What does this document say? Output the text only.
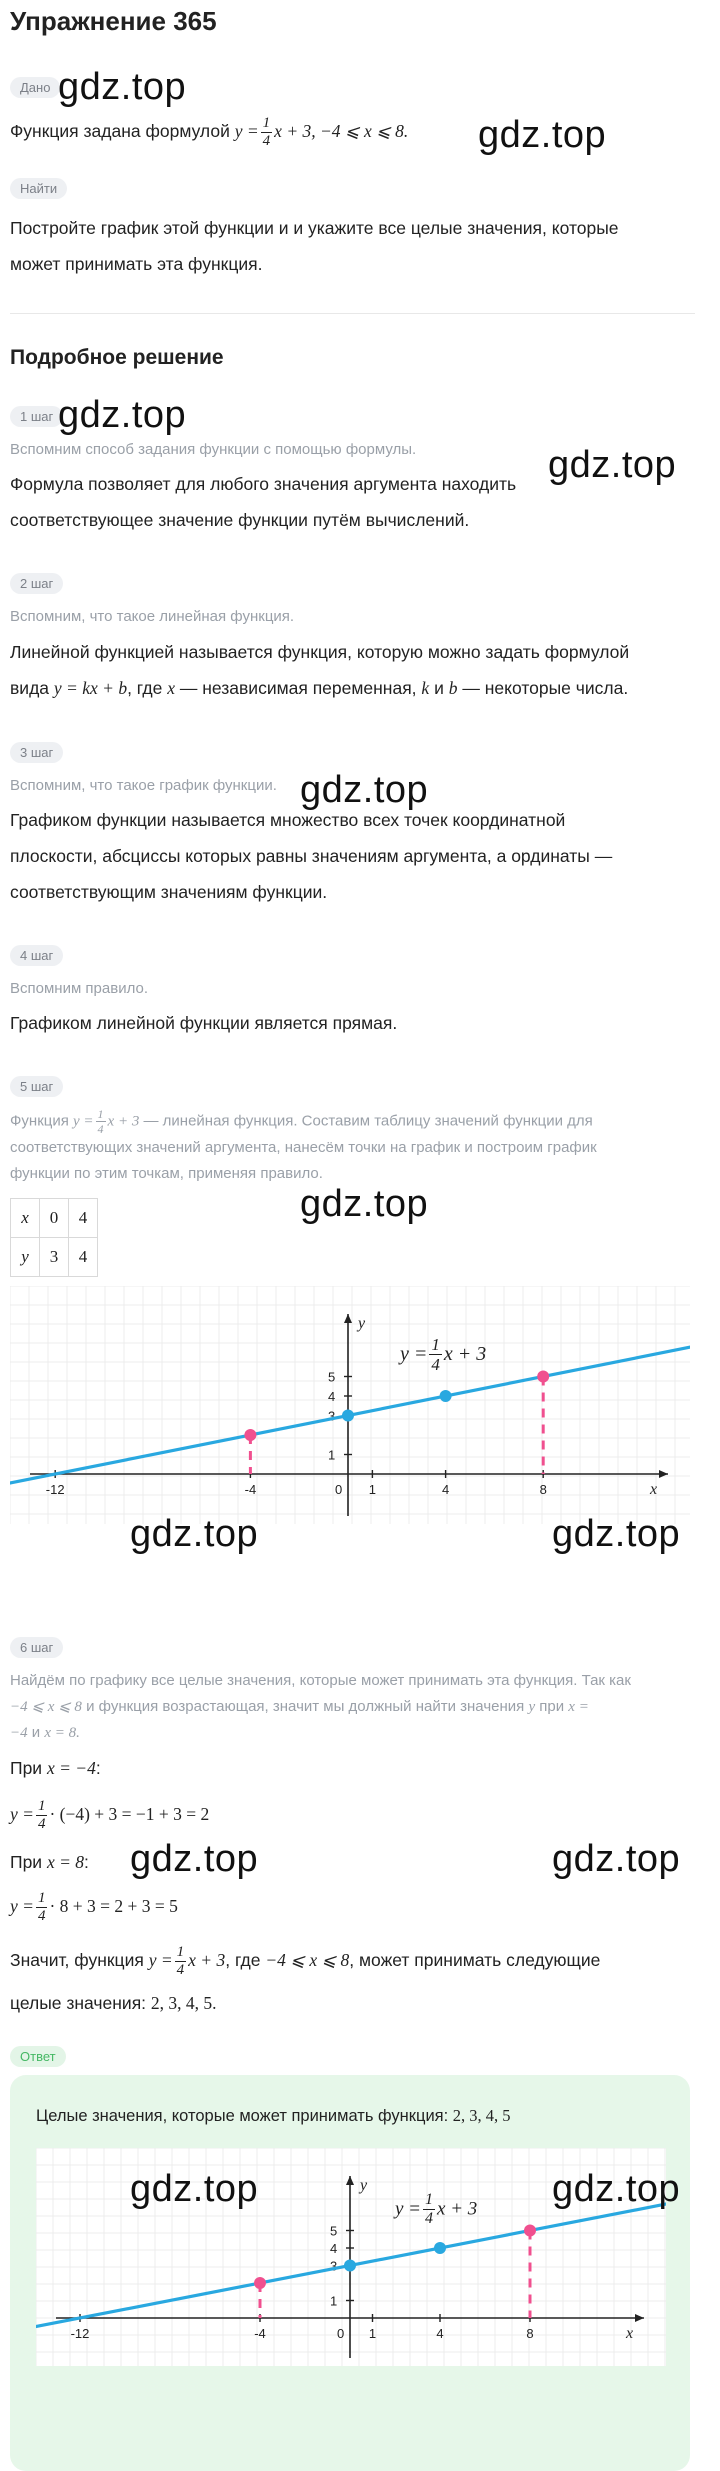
Упражнение 365
Дано
Функция задана формулой $y = \frac{1}{4}$ x + 3, −4 ⩽ x ⩽ 8.
Найти
Постройте график этой функции и и укажите все целые значения, которые
может принимать эта функция.
Подробное решение
1 шаг
Вспомним способ задания функции с помощью формулы.
Формула позволяет для любого значения аргумента находить
соответствующее значение функции путём вычислений.
2 шаг
Вспомним, что такое линейная функция.
Линейной функцией называется функция, которую можно задать формулой
вида y = kx + b, где x — независимая переменная, k и b — некоторые числа.
3 шаг
Вспомним, что такое график функции.
Графиком функции называется множество всех точек координатной
плоскости, абсциссы которых равны значениям аргумента, а ординаты —
соответствующим значениям функции.
4 шаг
Вспомним правило.
Графиком линейной функции является прямая.
5 шаг
Функция $y = \frac{1}{4}$ x + 3 — линейная функция. Составим таблицу значений функции для
соответствующих значений аргумента, нанесём точки на график и построим график
функции по этим точкам, применяя правило.
x	0	4
y	3	4
x
y
0
-12	-4	1	4	8
1
3
4
5
$y = \frac{1}{4}$ x + 3
6 шаг
Найдём по графику все целые значения, которые может принимать эта функция. Так как
−4 ⩽ x ⩽ 8 и функция возрастающая, значит мы должный найти значения y при x =
−4 и x = 8.
При x = −4:
$y = \frac{1}{4} \cdot (-4) + 3 = -1 + 3 = 2$
При x = 8:
$y = \frac{1}{4} \cdot 8 + 3 = 2 + 3 = 5$
Значит, функция $y = \frac{1}{4}$ x + 3, где −4 ⩽ x ⩽ 8, может принимать следующие
целые значения: 2, 3, 4, 5.
Ответ
Целые значения, которые может принимать функция: 2, 3, 4, 5
x
y
0
-12	-4	1	4	8
1
3
4
5
$y = \frac{1}{4}$ x + 3
gdz.top
gdz.top
gdz.top
gdz.top
gdz.top
gdz.top
gdz.top	gdz.top
gdz.top	gdz.top
gdz.top	gdz.top
